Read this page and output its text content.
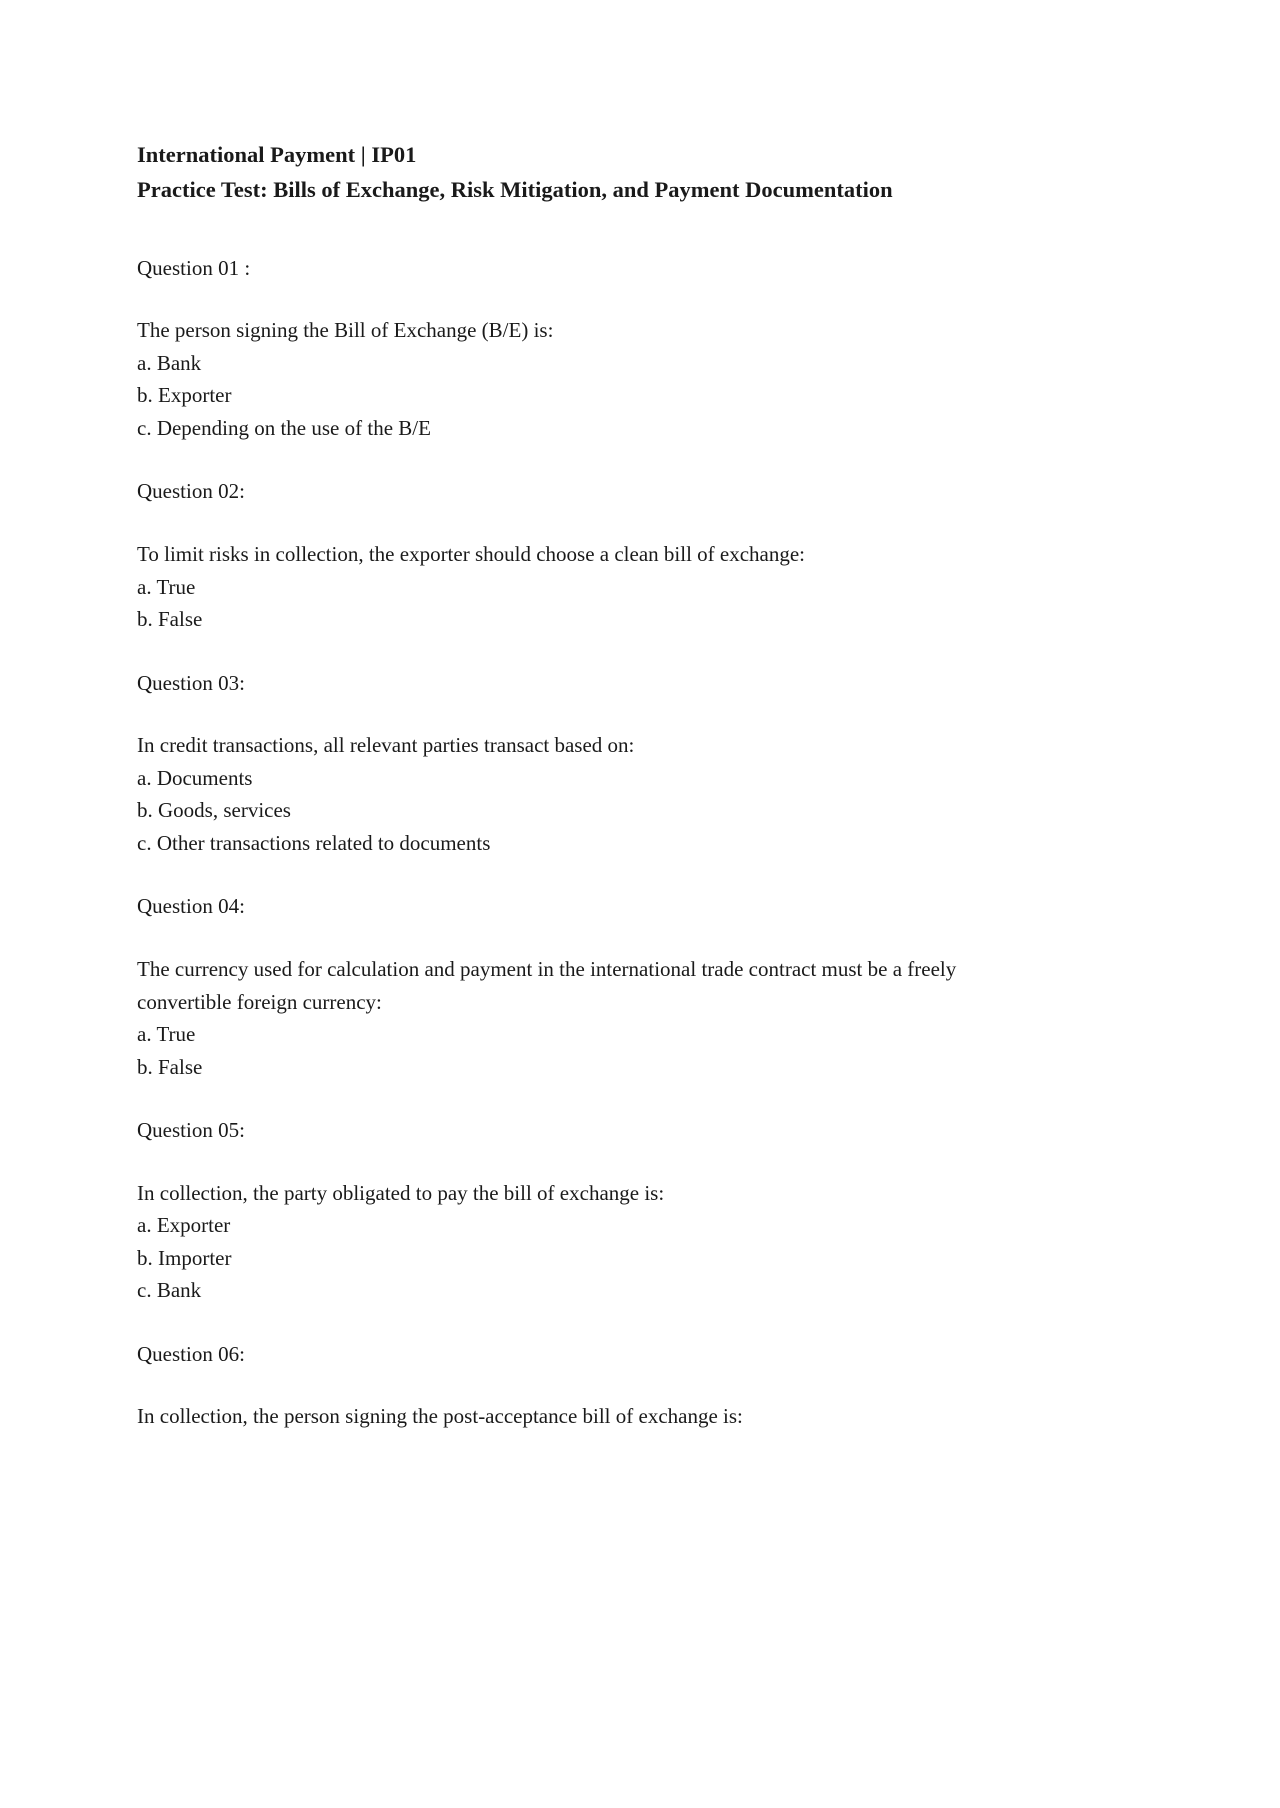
International Payment | IP01
Practice Test: Bills of Exchange, Risk Mitigation, and Payment Documentation
Question 01 :
The person signing the Bill of Exchange (B/E) is:
a. Bank
b. Exporter
c. Depending on the use of the B/E
Question 02:
To limit risks in collection, the exporter should choose a clean bill of exchange:
a. True
b. False
Question 03:
In credit transactions, all relevant parties transact based on:
a. Documents
b. Goods, services
c. Other transactions related to documents
Question 04:
The currency used for calculation and payment in the international trade contract must be a freely convertible foreign currency:
a. True
b. False
Question 05:
In collection, the party obligated to pay the bill of exchange is:
a. Exporter
b. Importer
c. Bank
Question 06:
In collection, the person signing the post-acceptance bill of exchange is:
